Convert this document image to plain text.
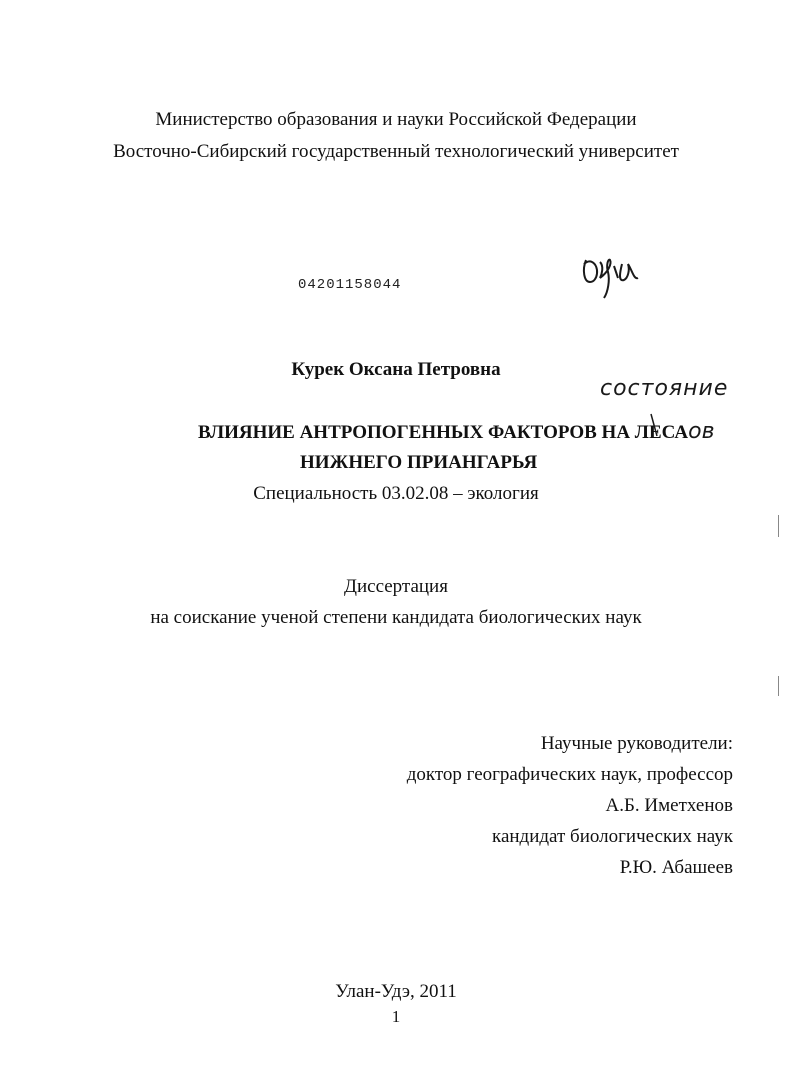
Министерство образования и науки Российской Федерации
Восточно-Сибирский государственный технологический университет
04201158044
Курек Оксана Петровна
состояние
ВЛИЯНИЕ АНТРОПОГЕННЫХ ФАКТОРОВ НА ЛЕСАов
НИЖНЕГО ПРИАНГАРЬЯ
Специальность 03.02.08 – экология
Диссертация
на соискание ученой степени кандидата биологических наук
Научные руководители:
доктор географических наук, профессор
А.Б. Иметхенов
кандидат биологических наук
Р.Ю. Абашеев
Улан-Удэ, 2011
1
